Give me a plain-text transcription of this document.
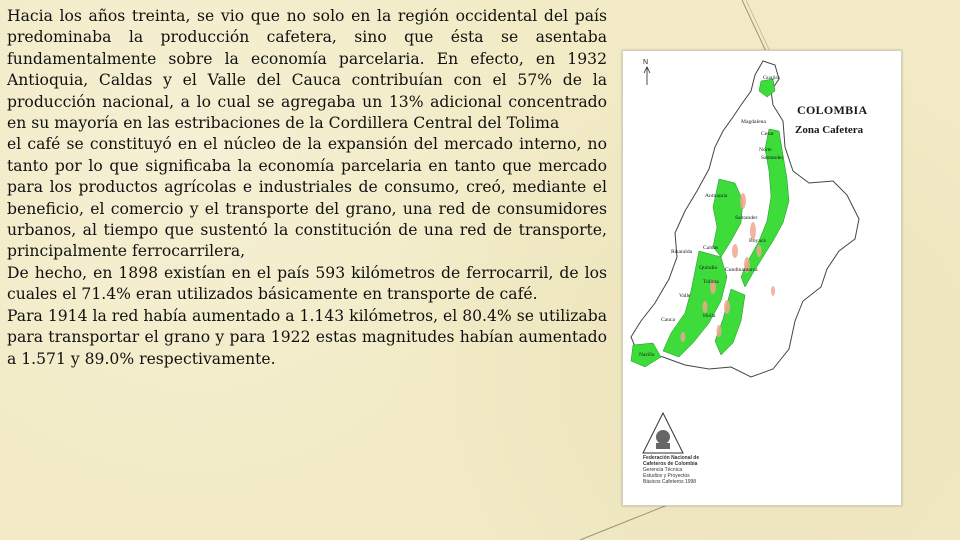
Hacia los años treinta, se vio que no solo en la región occidental del país predominaba la producción cafetera, sino que ésta se asentaba fundamentalmente sobre la economía parcelaria. En efecto, en 1932 Antioquia, Caldas y el Valle del Cauca contribuían con el 57% de la producción nacional, a lo cual se agregaba un 13% adicional concentrado en su mayoría en las estribaciones de la Cordillera Central del Tolima

el café se constituyó en el núcleo de la expansión del mercado interno, no tanto por lo que significaba la economía parcelaria en tanto que mercado para los productos agrícolas e industriales de consumo, creó, mediante el beneficio, el comercio y el transporte del grano, una red de consumidores urbanos, al tiempo que sustentó la constitución de una red de transporte, principalmente ferrocarrilera,

De hecho, en 1898 existían en el país 593 kilómetros de ferrocarril, de los cuales el 71.4% eran utilizados básicamente en transporte de café.

Para 1914 la red había aumentado a 1.143 kilómetros, el 80.4% se utilizaba para transportar el grano y para 1922 estas magnitudes habían aumentado a 1.571 y 89.0% respectivamente.

N
COLOMBIA
Zona Cafetera
Guajira
Magdalena
Cesar
Norte
Santander
Antioquia
Santander
Boyacá
Caldas
Risaralda
Quindío Cundinamarca
Tolima
Valle
Huila
Cauca
Nariño
Federación Nacional de
Cafeteros de Colombia
Gerencia Técnica
Estudios y Proyectos
Básicos Cafeteros 1998
